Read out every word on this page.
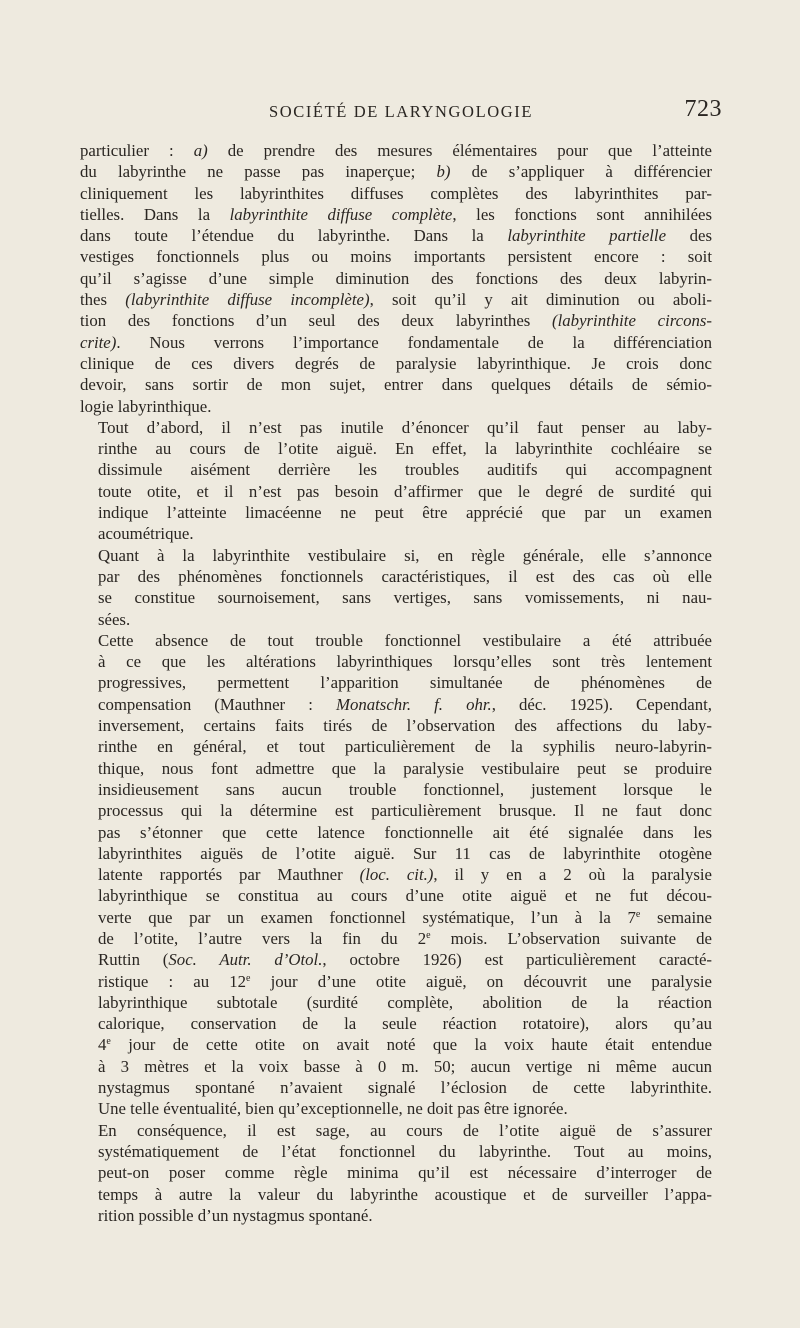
SOCIÉTÉ DE LARYNGOLOGIE	723

particulier : a) de prendre des mesures élémentaires pour que l’atteinte
du labyrinthe ne passe pas inaperçue; b) de s’appliquer à différencier
cliniquement les labyrinthites diffuses complètes des labyrinthites par-
tielles. Dans la labyrinthite diffuse complète, les fonctions sont annihilées
dans toute l’étendue du labyrinthe. Dans la labyrinthite partielle des
vestiges fonctionnels plus ou moins importants persistent encore : soit
qu’il s’agisse d’une simple diminution des fonctions des deux labyrin-
thes (labyrinthite diffuse incomplète), soit qu’il y ait diminution ou aboli-
tion des fonctions d’un seul des deux labyrinthes (labyrinthite circons-
crite). Nous verrons l’importance fondamentale de la différenciation
clinique de ces divers degrés de paralysie labyrinthique. Je crois donc
devoir, sans sortir de mon sujet, entrer dans quelques détails de sémio-
logie labyrinthique.

Tout d’abord, il n’est pas inutile d’énoncer qu’il faut penser au laby-
rinthe au cours de l’otite aiguë. En effet, la labyrinthite cochléaire se
dissimule aisément derrière les troubles auditifs qui accompagnent
toute otite, et il n’est pas besoin d’affirmer que le degré de surdité qui
indique l’atteinte limacéenne ne peut être apprécié que par un examen
acoumétrique.

Quant à la labyrinthite vestibulaire si, en règle générale, elle s’annonce
par des phénomènes fonctionnels caractéristiques, il est des cas où elle
se constitue sournoisement, sans vertiges, sans vomissements, ni nau-
sées.

Cette absence de tout trouble fonctionnel vestibulaire a été attribuée
à ce que les altérations labyrinthiques lorsqu’elles sont très lentement
progressives, permettent l’apparition simultanée de phénomènes de
compensation (Mauthner : Monatschr. f. ohr., déc. 1925). Cependant,
inversement, certains faits tirés de l’observation des affections du laby-
rinthe en général, et tout particulièrement de la syphilis neuro-labyrin-
thique, nous font admettre que la paralysie vestibulaire peut se produire
insidieusement sans aucun trouble fonctionnel, justement lorsque le
processus qui la détermine est particulièrement brusque. Il ne faut donc
pas s’étonner que cette latence fonctionnelle ait été signalée dans les
labyrinthites aiguës de l’otite aiguë. Sur 11 cas de labyrinthite otogène
latente rapportés par Mauthner (loc. cit.), il y en a 2 où la paralysie
labyrinthique se constitua au cours d’une otite aiguë et ne fut décou-
verte que par un examen fonctionnel systématique, l’un à la 7e semaine
de l’otite, l’autre vers la fin du 2e mois. L’observation suivante de
Ruttin (Soc. Autr. d’Otol., octobre 1926) est particulièrement caracté-
ristique : au 12e jour d’une otite aiguë, on découvrit une paralysie
labyrinthique subtotale (surdité complète, abolition de la réaction
calorique, conservation de la seule réaction rotatoire), alors qu’au
4e jour de cette otite on avait noté que la voix haute était entendue
à 3 mètres et la voix basse à 0 m. 50; aucun vertige ni même aucun
nystagmus spontané n’avaient signalé l’éclosion de cette labyrinthite.
Une telle éventualité, bien qu’exceptionnelle, ne doit pas être ignorée.

En conséquence, il est sage, au cours de l’otite aiguë de s’assurer
systématiquement de l’état fonctionnel du labyrinthe. Tout au moins,
peut-on poser comme règle minima qu’il est nécessaire d’interroger de
temps à autre la valeur du labyrinthe acoustique et de surveiller l’appa-
rition possible d’un nystagmus spontané.
